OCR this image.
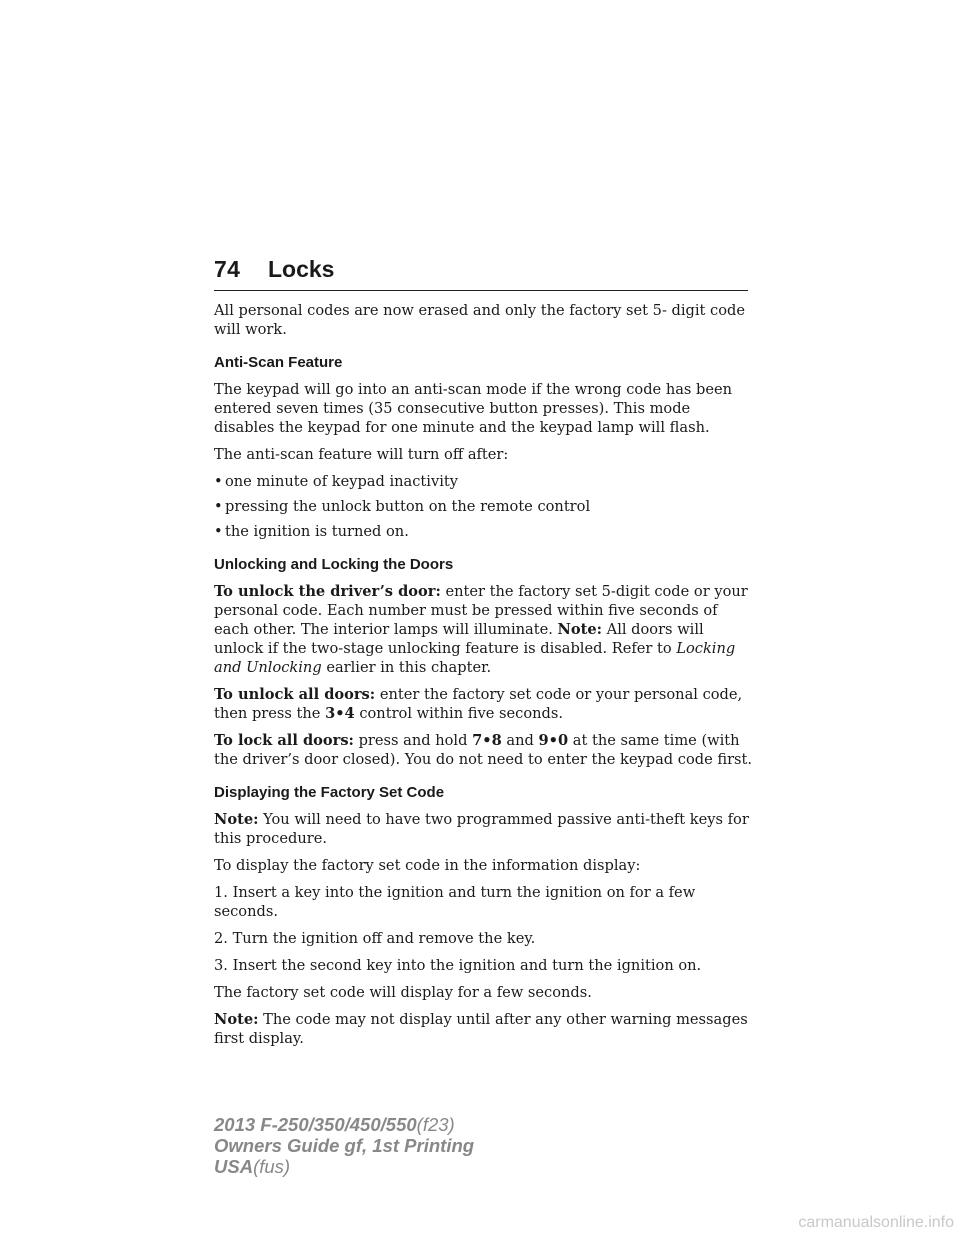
74 Locks

All personal codes are now erased and only the factory set 5- digit code will work.

Anti-Scan Feature

The keypad will go into an anti-scan mode if the wrong code has been entered seven times (35 consecutive button presses). This mode disables the keypad for one minute and the keypad lamp will flash.

The anti-scan feature will turn off after:

• one minute of keypad inactivity
• pressing the unlock button on the remote control
• the ignition is turned on.
Unlocking and Locking the Doors

To unlock the driver’s door: enter the factory set 5-digit code or your personal code. Each number must be pressed within five seconds of each other. The interior lamps will illuminate. Note: All doors will unlock if the two-stage unlocking feature is disabled. Refer to Locking and Unlocking earlier in this chapter.

To unlock all doors: enter the factory set code or your personal code, then press the 3•4 control within five seconds.

To lock all doors: press and hold 7•8 and 9•0 at the same time (with the driver’s door closed). You do not need to enter the keypad code first.

Displaying the Factory Set Code

Note: You will need to have two programmed passive anti-theft keys for this procedure.

To display the factory set code in the information display:

1. Insert a key into the ignition and turn the ignition on for a few seconds.

2. Turn the ignition off and remove the key.

3. Insert the second key into the ignition and turn the ignition on.

The factory set code will display for a few seconds.

Note: The code may not display until after any other warning messages first display.

2013 F-250/350/450/550(f23)
Owners Guide gf, 1st Printing
USA(fus)
carmanualsonline.info
